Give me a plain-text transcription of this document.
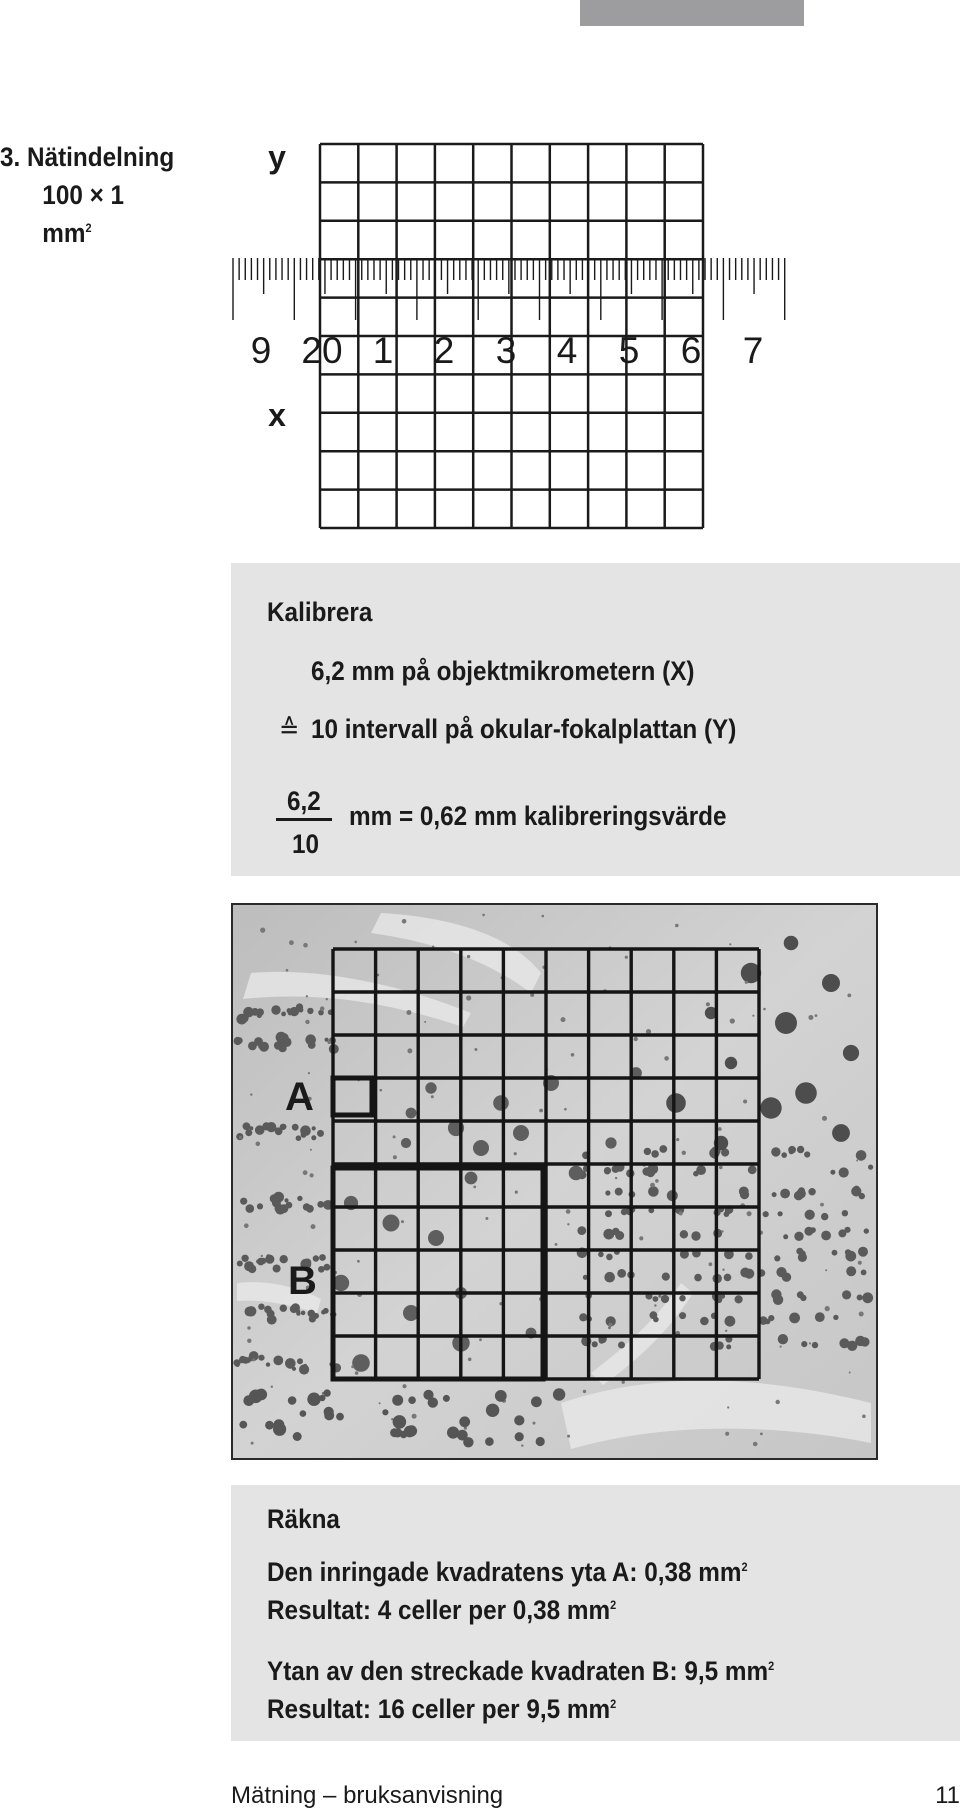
3. Nätindelning
100 × 1 $mm^2$
9 20 1 2 3 4 5 6 7
y
x
Kalibrera
6,2 mm på objektmikrometern (X)
≙ 10 intervall på okular-fokalplattan (Y)
6,2
10
mm = 0,62 mm kalibreringsvärde
A
B
Räkna
Den inringade kvadratens yta A: 0,38 $mm^2$
Resultat: 4 celler per 0,38 $mm^2$
Ytan av den streckade kvadraten B: 9,5 $mm^2$
Resultat: 16 celler per 9,5 $mm^2$
Mätning – bruksanvisning	11
